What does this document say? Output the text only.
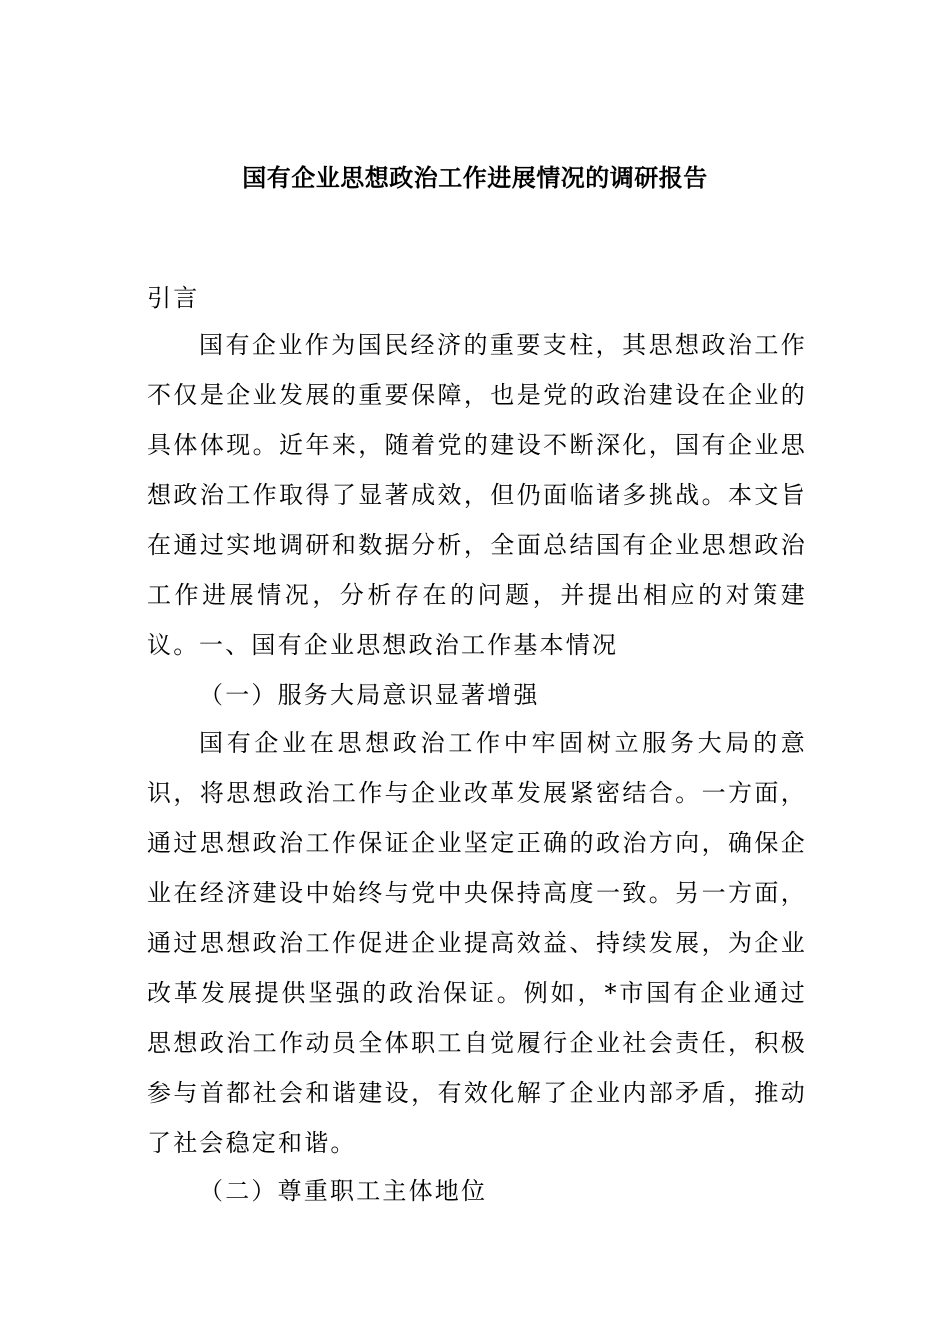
国有企业思想政治工作进展情况的调研报告
引言

国有企业作为国民经济的重要支柱，其思想政治工作不仅是企业发展的重要保障，也是党的政治建设在企业的具体体现。近年来，随着党的建设不断深化，国有企业思想政治工作取得了显著成效，但仍面临诸多挑战。本文旨在通过实地调研和数据分析，全面总结国有企业思想政治工作进展情况，分析存在的问题，并提出相应的对策建议。 一、国有企业思想政治工作基本情况
（一）服务大局意识显著增强

国有企业在思想政治工作中牢固树立服务大局的意识，将思想政治工作与企业改革发展紧密结合。一方面，通过思想政治工作保证企业坚定正确的政治方向，确保企业在经济建设中始终与党中央保持高度一致。另一方面，通过思想政治工作促进企业提高效益、持续发展，为企业改革发展提供坚强的政治保证。例如，*市国有企业通过思想政治工作动员全体职工自觉履行企业社会责任，积极参与首都社会和谐建设，有效化解了企业内部矛盾，推动了社会稳定和谐。

（二）尊重职工主体地位
